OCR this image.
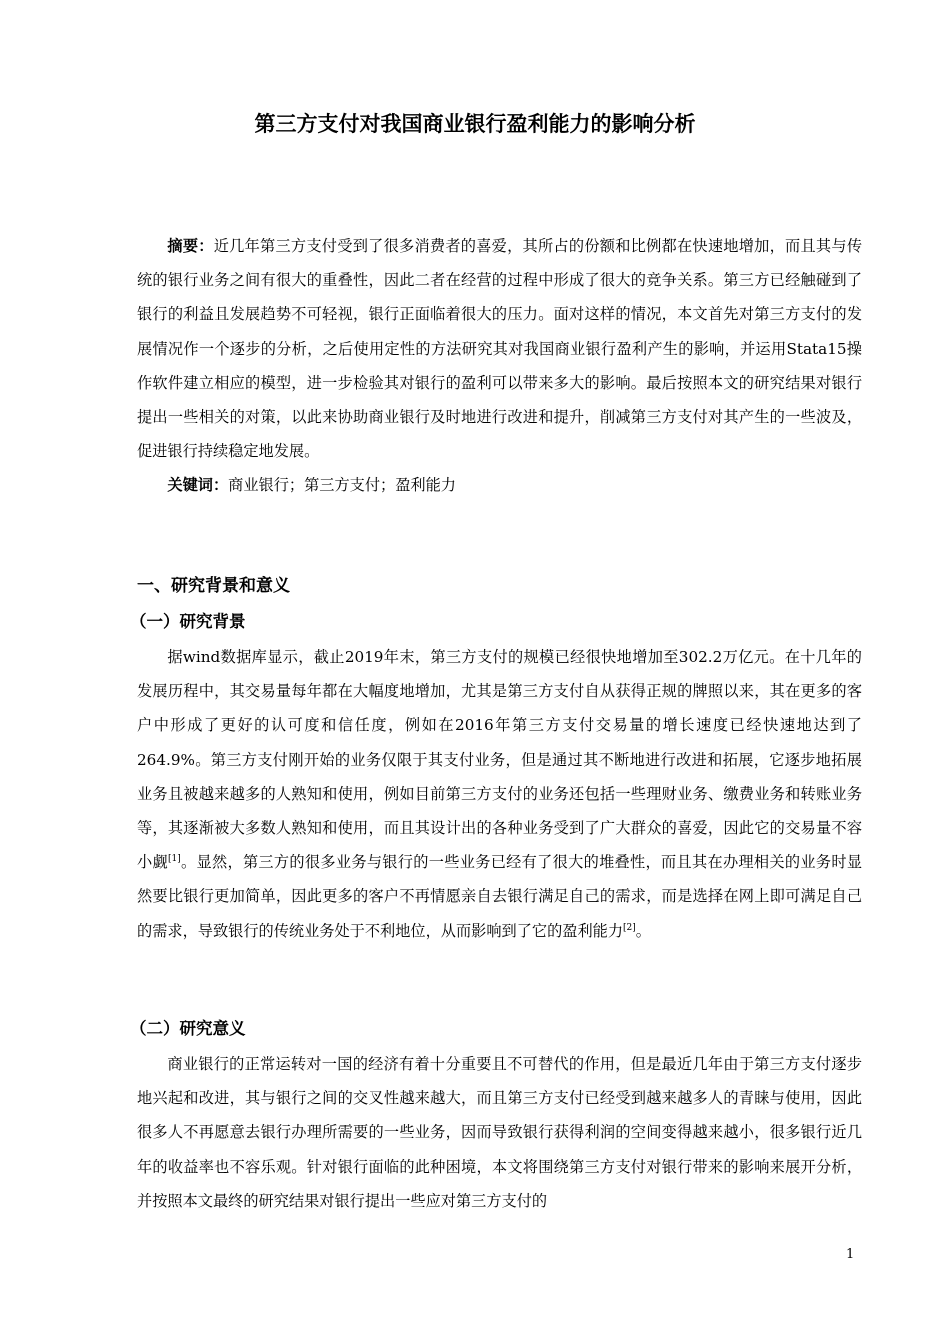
第三方支付对我国商业银行盈利能力的影响分析

摘要：近几年第三方支付受到了很多消费者的喜爱，其所占的份额和比例都在快速地增加，而且其与传统的银行业务之间有很大的重叠性，因此二者在经营的过程中形成了很大的竞争关系。第三方已经触碰到了银行的利益且发展趋势不可轻视，银行正面临着很大的压力。面对这样的情况，本文首先对第三方支付的发展情况作一个逐步的分析，之后使用定性的方法研究其对我国商业银行盈利产生的影响，并运用Stata15操作软件建立相应的模型，进一步检验其对银行的盈利可以带来多大的影响。最后按照本文的研究结果对银行提出一些相关的对策，以此来协助商业银行及时地进行改进和提升，削减第三方支付对其产生的一些波及，促进银行持续稳定地发展。

关键词：商业银行；第三方支付；盈利能力

一、研究背景和意义
（一）研究背景

据wind数据库显示，截止2019年末，第三方支付的规模已经很快地增加至302.2万亿元。在十几年的发展历程中，其交易量每年都在大幅度地增加，尤其是第三方支付自从获得正规的牌照以来，其在更多的客户中形成了更好的认可度和信任度，例如在2016年第三方支付交易量的增长速度已经快速地达到了264.9%。第三方支付刚开始的业务仅限于其支付业务，但是通过其不断地进行改进和拓展，它逐步地拓展业务且被越来越多的人熟知和使用，例如目前第三方支付的业务还包括一些理财业务、缴费业务和转账业务等，其逐渐被大多数人熟知和使用，而且其设计出的各种业务受到了广大群众的喜爱，因此它的交易量不容小觑[1]。显然，第三方的很多业务与银行的一些业务已经有了很大的堆叠性，而且其在办理相关的业务时显然要比银行更加简单，因此更多的客户不再情愿亲自去银行满足自己的需求，而是选择在网上即可满足自己的需求，导致银行的传统业务处于不利地位，从而影响到了它的盈利能力[2]。

（二）研究意义

商业银行的正常运转对一国的经济有着十分重要且不可替代的作用，但是最近几年由于第三方支付逐步地兴起和改进，其与银行之间的交叉性越来越大，而且第三方支付已经受到越来越多人的青睐与使用，因此很多人不再愿意去银行办理所需要的一些业务，因而导致银行获得利润的空间变得越来越小，很多银行近几年的收益率也不容乐观。针对银行面临的此种困境，本文将围绕第三方支付对银行带来的影响来展开分析，并按照本文最终的研究结果对银行提出一些应对第三方支付的

1
